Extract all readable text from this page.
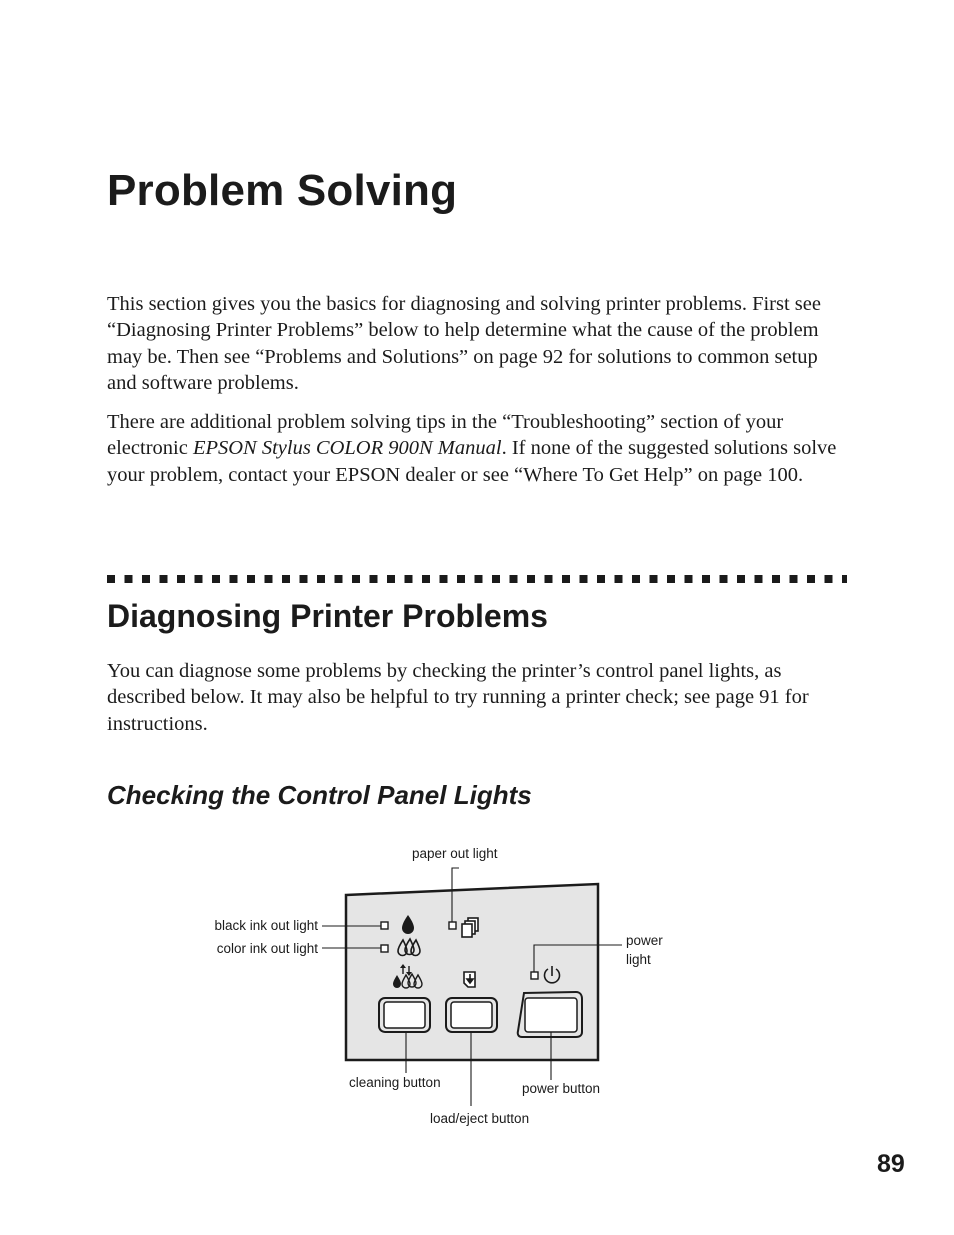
Problem Solving

This section gives you the basics for diagnosing and solving printer problems. First see “Diagnosing Printer Problems” below to help determine what the cause of the problem may be. Then see “Problems and Solutions” on page 92 for solutions to common setup and software problems.

There are additional problem solving tips in the “Troubleshooting” section of your electronic EPSON Stylus COLOR 900N Manual. If none of the suggested solutions solve your problem, contact your EPSON dealer or see “Where To Get Help” on page 100.

Diagnosing Printer Problems

You can diagnose some problems by checking the printer’s control panel lights, as described below. It may also be helpful to try running a printer check; see page 91 for instructions.

Checking the Control Panel Lights
paper out light
black ink out light
color ink out light
power
light
cleaning button	power button
load/eject button

89
